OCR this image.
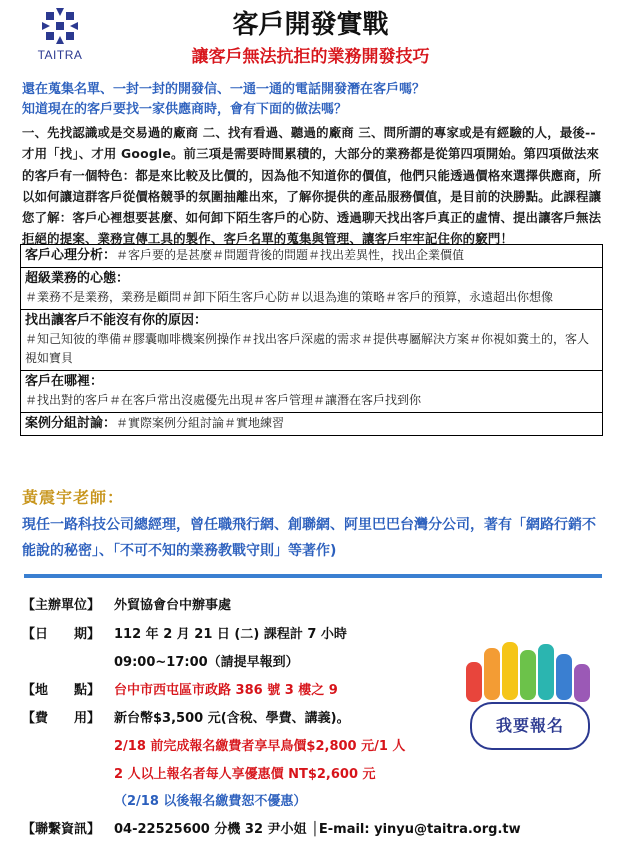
TAITRA
客戶開發實戰
讓客戶無法抗拒的業務開發技巧
還在蒐集名單、一封一封的開發信、一通一通的電話開發潛在客戶嗎？
知道現在的客戶要找一家供應商時，會有下面的做法嗎？
一、先找認識或是交易過的廠商 二、找有看過、聽過的廠商 三、問所謂的專家或是有經驗的人，最後--才用「找」、才用 Google。前三項是需要時間累積的，大部分的業務都是從第四項開始。第四項做法來的客戶有一個特色：都是來比較及比價的，因為他不知道你的價值，他們只能透過價格來選擇供應商，所以如何讓這群客戶從價格競爭的氛圍抽離出來，了解你提供的產品服務價值，是目前的決勝點。此課程讓您了解：客戶心裡想要甚麼、如何卸下陌生客戶的心防、透過聊天找出客戶真正的虛情、提出讓客戶無法拒絕的提案、業務宣傳工具的製作、客戶名單的蒐集與管理、讓客戶牢牢記住你的竅門！
客戶心理分析：＃客戶要的是甚麼＃問題背後的問題＃找出差異性，找出企業價值
超級業務的心態：
＃業務不是業務，業務是顧問＃卸下陌生客戶心防＃以退為進的策略＃客戶的預算，永遠超出你想像
找出讓客戶不能沒有你的原因：
＃知己知彼的準備＃膠囊咖啡機案例操作＃找出客戶深處的需求＃提供專屬解決方案＃你視如糞土的，客人視如寶貝
客戶在哪裡：
＃找出對的客戶＃在客戶常出沒處優先出現＃客戶管理＃讓潛在客戶找到你
案例分組討論：＃實際案例分組討論＃實地練習
黃震宇老師：
現任一路科技公司總經理，曾任職飛行網、創聯網、阿里巴巴台灣分公司，著有「網路行銷不能說的秘密」、「不可不知的業務教戰守則」等著作)
【主辦單位】 外貿協會台中辦事處
【日　　期】 112 年 2 月 21 日 (二) 課程計 7 小時
09:00~17:00（請提早報到）
【地　　點】 台中市西屯區市政路 386 號 3 樓之 9
【費　　用】 新台幣$3,500 元(含稅、學費、講義)。
2/18 前完成報名繳費者享早鳥價$2,800 元/1 人
2 人以上報名者每人享優惠價 NT$2,600 元
（2/18 以後報名繳費恕不優惠）
【聯繫資訊】 04-22525600 分機 32 尹小姐 │E-mail: yinyu@taitra.org.tw
我要報名
